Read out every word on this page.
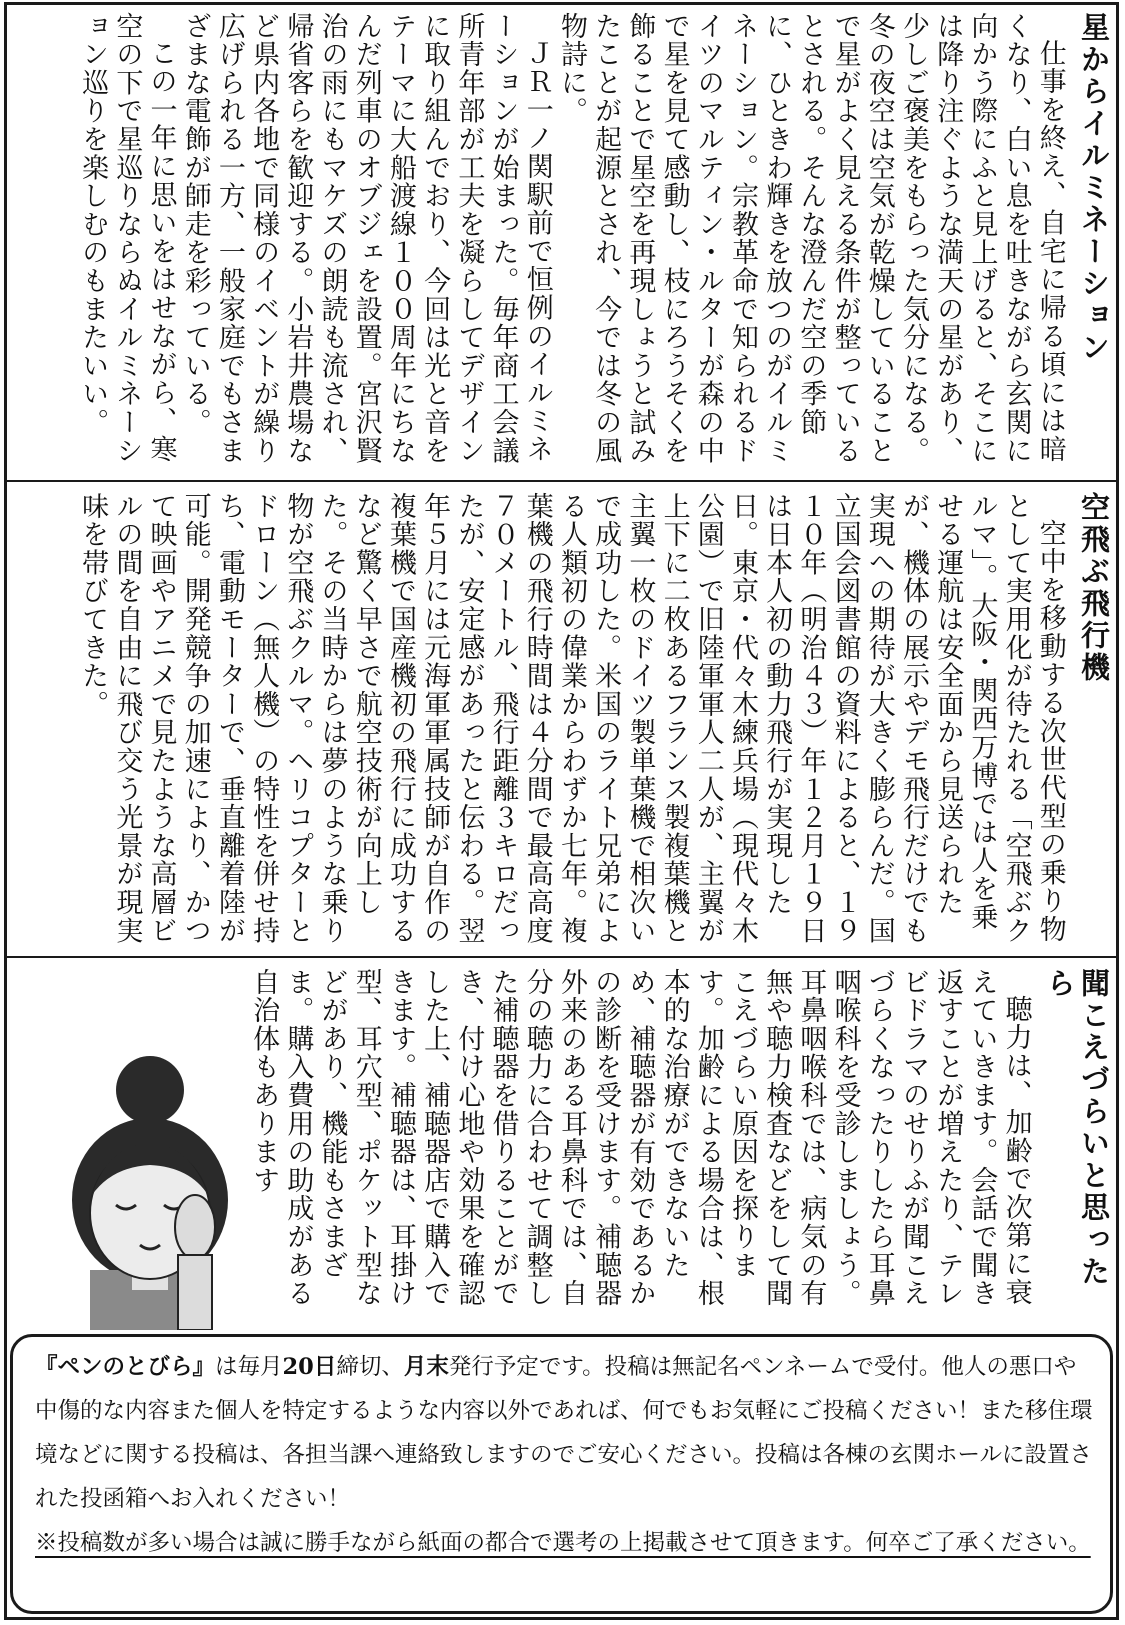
星からイルミネーション
仕事を終え、自宅に帰る頃には暗くなり、白い息を吐きながら玄関に向かう際にふと見上げると、そこには降り注ぐような満天の星があり、少しご褒美をもらった気分になる。冬の夜空は空気が乾燥していることで星がよく見える条件が整っているとされる。そんな澄んだ空の季節に、ひときわ輝きを放つのがイルミネーション。宗教革命で知られるドイツのマルティン・ルターが森の中で星を見て感動し、枝にろうそくを飾ることで星空を再現しょうと試みたことが起源とされ、今では冬の風物詩に。
ＪＲ一ノ関駅前で恒例のイルミネーションが始まった。毎年商工会議所青年部が工夫を凝らしてデザインに取り組んでおり、今回は光と音をテーマに大船渡線１００周年にちなんだ列車のオブジェを設置。宮沢賢治の雨にもマケズの朗読も流され、帰省客らを歓迎する。小岩井農場など県内各地で同様のイベントが繰り広げられる一方、一般家庭でもさまざまな電飾が師走を彩っている。
この一年に思いをはせながら、寒空の下で星巡りならぬイルミネーション巡りを楽しむのもまたいい。
空飛ぶ飛行機
空中を移動する次世代型の乗り物として実用化が待たれる「空飛ぶクルマ」。大阪・関西万博では人を乗せる運航は安全面から見送られたが、機体の展示やデモ飛行だけでも実現への期待が大きく膨らんだ。国立国会図書館の資料によると、１９１０年（明治４３）年１２月１９日は日本人初の動力飛行が実現した日。東京・代々木練兵場（現代々木公園）で旧陸軍軍人二人が、主翼が上下に二枚あるフランス製複葉機と主翼一枚のドイツ製単葉機で相次いで成功した。米国のライト兄弟による人類初の偉業からわずか七年。複葉機の飛行時間は４分間で最高高度７０メートル、飛行距離３キロだったが、安定感があったと伝わる。翌年５月には元海軍軍属技師が自作の複葉機で国産機初の飛行に成功するなど驚く早さで航空技術が向上した。その当時からは夢のような乗り物が空飛ぶクルマ。ヘリコプターとドローン（無人機）の特性を併せ持ち、電動モーターで、垂直離着陸が可能。開発競争の加速により、かつて映画やアニメで見たような高層ビルの間を自由に飛び交う光景が現実味を帯びてきた。
聞こえづらいと思ったら
聴力は、加齢で次第に衰えていきます。会話で聞き返すことが増えたり、テレビドラマのせりふが聞こえづらくなったりしたら耳鼻咽喉科を受診しましょう。耳鼻咽喉科では、病気の有無や聴力検査などをして聞こえづらい原因を探ります。加齢による場合は、根本的な治療ができないため、補聴器が有効であるかの診断を受けます。補聴器外来のある耳鼻科では、自分の聴力に合わせて調整した補聴器を借りることができ、付け心地や効果を確認した上、補聴器店で購入できます。補聴器は、耳掛け型、耳穴型、ポケット型などがあり、機能もさまざま。購入費用の助成がある自治体もあります
『ペンのとびら』は毎月20日締切、月末発行予定です。投稿は無記名ペンネームで受付。他人の悪口や中傷的な内容また個人を特定するような内容以外であれば、何でもお気軽にご投稿ください！また移住環境などに関する投稿は、各担当課へ連絡致しますのでご安心ください。投稿は各棟の玄関ホールに設置された投函箱へお入れください！
※投稿数が多い場合は誠に勝手ながら紙面の都合で選考の上掲載させて頂きます。何卒ご了承ください。
